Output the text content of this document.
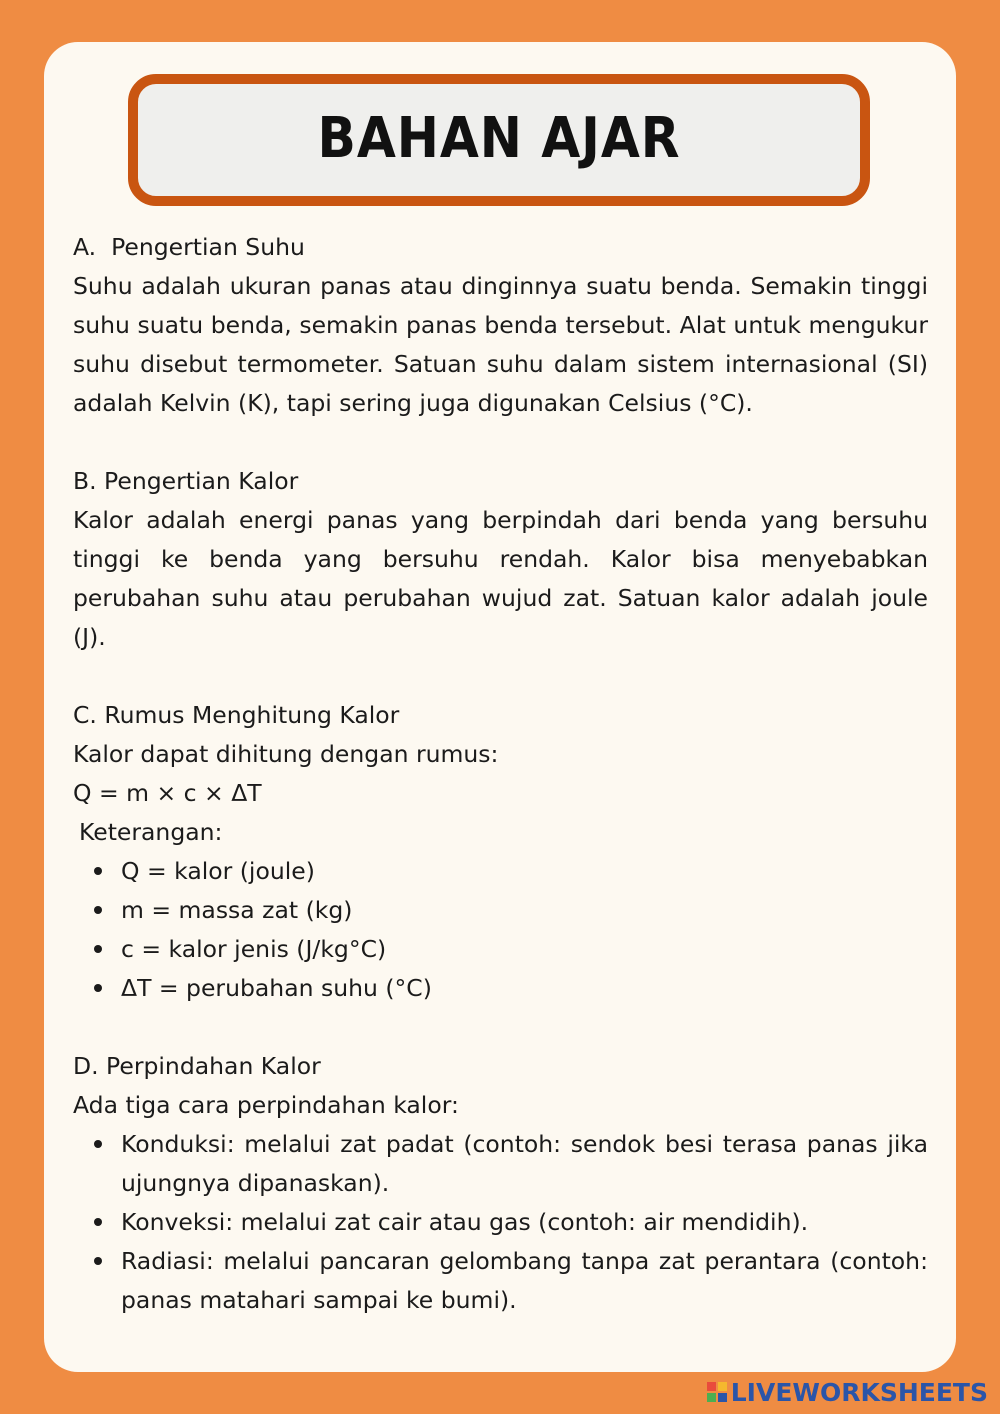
BAHAN AJAR

A.  Pengertian Suhu

Suhu adalah ukuran panas atau dinginnya suatu benda. Semakin tinggi suhu suatu benda, semakin panas benda tersebut. Alat untuk mengukur suhu disebut termometer. Satuan suhu dalam sistem internasional (SI) adalah Kelvin (K), tapi sering juga digunakan Celsius (°C).

B. Pengertian Kalor

Kalor adalah energi panas yang berpindah dari benda yang bersuhu tinggi ke benda yang bersuhu rendah. Kalor bisa menyebabkan perubahan suhu atau perubahan wujud zat. Satuan kalor adalah joule (J).

C. Rumus Menghitung Kalor

Kalor dapat dihitung dengan rumus:

Q = m × c × ΔT

Keterangan:

Q = kalor (joule)
m = massa zat (kg)
c = kalor jenis (J/kg°C)
ΔT = perubahan suhu (°C)

D. Perpindahan Kalor

Ada tiga cara perpindahan kalor:

Konduksi: melalui zat padat (contoh: sendok besi terasa panas jika ujungnya dipanaskan).
Konveksi: melalui zat cair atau gas (contoh: air mendidih).
Radiasi: melalui pancaran gelombang tanpa zat perantara (contoh: panas matahari sampai ke bumi).
LIVEWORKSHEETS
